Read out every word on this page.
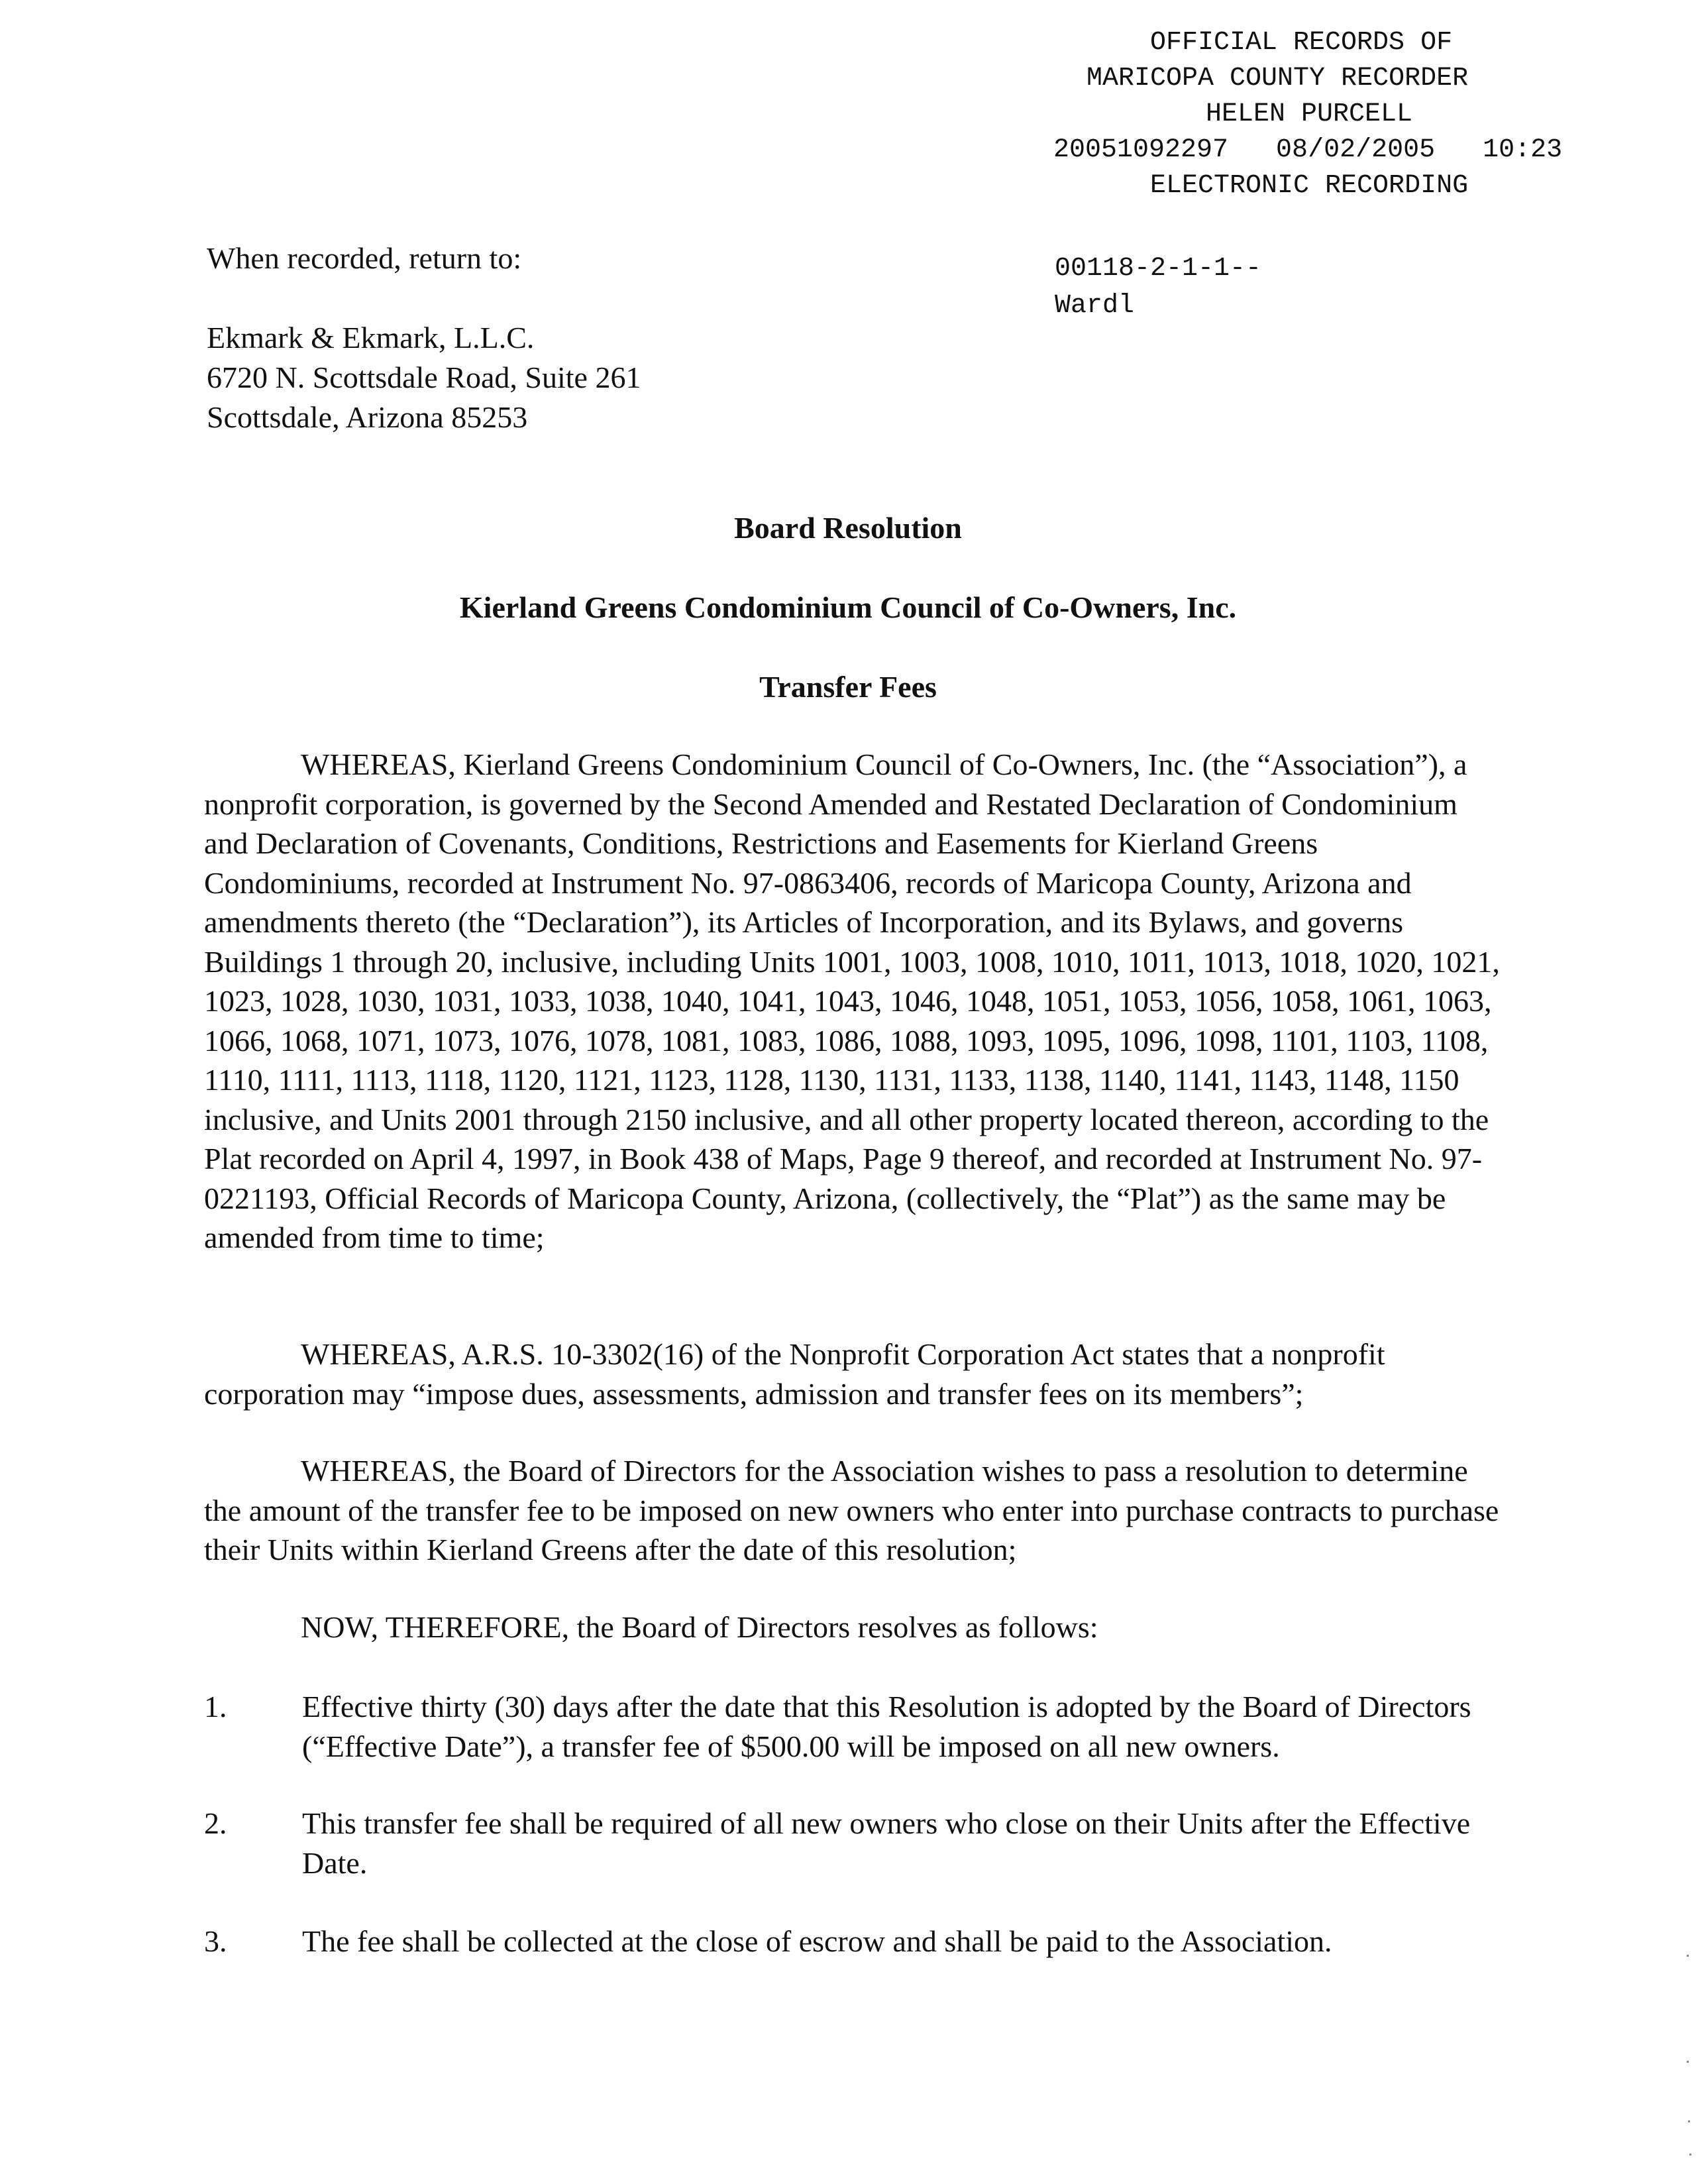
OFFICIAL RECORDS OF
MARICOPA COUNTY RECORDER
HELEN PURCELL
20051092297   08/02/2005   10:23
ELECTRONIC RECORDING
00118-2-1-1--
Wardl
When recorded, return to:
Ekmark & Ekmark, L.L.C.
6720 N. Scottsdale Road, Suite 261
Scottsdale, Arizona 85253
Board Resolution
Kierland Greens Condominium Council of Co-Owners, Inc.
Transfer Fees

WHEREAS, Kierland Greens Condominium Council of Co-Owners, Inc. (the “Association”), a nonprofit corporation, is governed by the Second Amended and Restated Declaration of Condominium and Declaration of Covenants, Conditions, Restrictions and Easements for Kierland Greens Condominiums, recorded at Instrument No. 97-0863406, records of Maricopa County, Arizona and amendments thereto (the “Declaration”), its Articles of Incorporation, and its Bylaws, and governs Buildings 1 through 20, inclusive, including Units 1001, 1003, 1008, 1010, 1011, 1013, 1018, 1020, 1021, 1023, 1028, 1030, 1031, 1033, 1038, 1040, 1041, 1043, 1046, 1048, 1051, 1053, 1056, 1058, 1061, 1063, 1066, 1068, 1071, 1073, 1076, 1078, 1081, 1083, 1086, 1088, 1093, 1095, 1096, 1098, 1101, 1103, 1108, 1110, 1111, 1113, 1118, 1120, 1121, 1123, 1128, 1130, 1131, 1133, 1138, 1140, 1141, 1143, 1148, 1150 inclusive, and Units 2001 through 2150 inclusive, and all other property located thereon, according to the Plat recorded on April 4, 1997, in Book 438 of Maps, Page 9 thereof, and recorded at Instrument No. 97-0221193, Official Records of Maricopa County, Arizona, (collectively, the “Plat”) as the same may be amended from time to time;

WHEREAS, A.R.S. 10-3302(16) of the Nonprofit Corporation Act states that a nonprofit corporation may “impose dues, assessments, admission and transfer fees on its members”;

WHEREAS, the Board of Directors for the Association wishes to pass a resolution to determine the amount of the transfer fee to be imposed on new owners who enter into purchase contracts to purchase their Units within Kierland Greens after the date of this resolution;

NOW, THEREFORE, the Board of Directors resolves as follows:

1. Effective thirty (30) days after the date that this Resolution is adopted by the Board of Directors (“Effective Date”), a transfer fee of $500.00 will be imposed on all new owners.
2. This transfer fee shall be required of all new owners who close on their Units after the Effective Date.
3. The fee shall be collected at the close of escrow and shall be paid to the Association.
